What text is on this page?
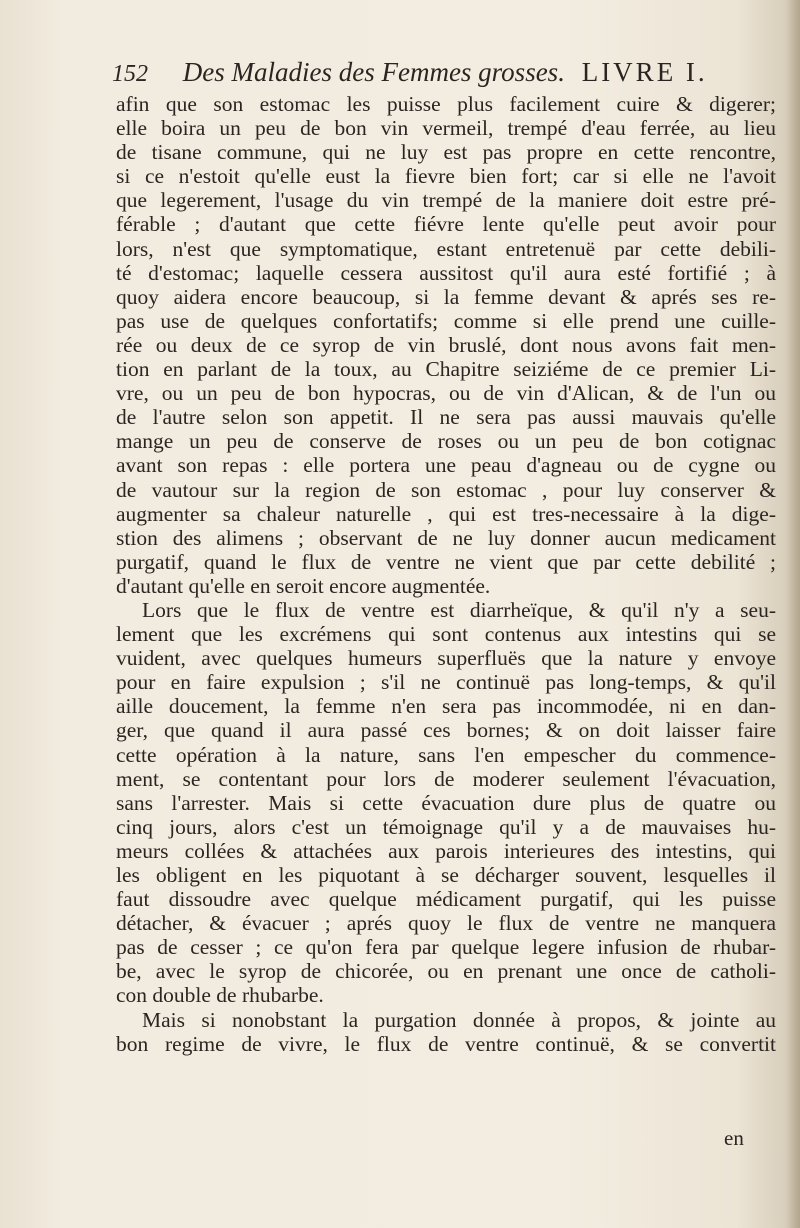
152 Des Maladies des Femmes grosses. LIVRE I.
afin que son estomac les puisse plus facilement cuire & digerer;
elle boira un peu de bon vin vermeil, trempé d'eau ferrée, au lieu
de tisane commune, qui ne luy est pas propre en cette rencontre,
si ce n'estoit qu'elle eust la fievre bien fort; car si elle ne l'avoit
que legerement, l'usage du vin trempé de la maniere doit estre pré-
férable ; d'autant que cette fiévre lente qu'elle peut avoir pour
lors, n'est que symptomatique, estant entretenuë par cette debili-
té d'estomac; laquelle cessera aussitost qu'il aura esté fortifié ; à
quoy aidera encore beaucoup, si la femme devant & aprés ses re-
pas use de quelques confortatifs; comme si elle prend une cuille-
rée ou deux de ce syrop de vin bruslé, dont nous avons fait men-
tion en parlant de la toux, au Chapitre seiziéme de ce premier Li-
vre, ou un peu de bon hypocras, ou de vin d'Alican, & de l'un ou
de l'autre selon son appetit. Il ne sera pas aussi mauvais qu'elle
mange un peu de conserve de roses ou un peu de bon cotignac
avant son repas : elle portera une peau d'agneau ou de cygne ou
de vautour sur la region de son estomac , pour luy conserver &
augmenter sa chaleur naturelle , qui est tres-necessaire à la dige-
stion des alimens ; observant de ne luy donner aucun medicament
purgatif, quand le flux de ventre ne vient que par cette debilité ;
d'autant qu'elle en seroit encore augmentée.
Lors que le flux de ventre est diarrheïque, & qu'il n'y a seu-
lement que les excrémens qui sont contenus aux intestins qui se
vuident, avec quelques humeurs superfluës que la nature y envoye
pour en faire expulsion ; s'il ne continuë pas long-temps, & qu'il
aille doucement, la femme n'en sera pas incommodée, ni en dan-
ger, que quand il aura passé ces bornes; & on doit laisser faire
cette opération à la nature, sans l'en empescher du commence-
ment, se contentant pour lors de moderer seulement l'évacuation,
sans l'arrester. Mais si cette évacuation dure plus de quatre ou
cinq jours, alors c'est un témoignage qu'il y a de mauvaises hu-
meurs collées & attachées aux parois interieures des intestins, qui
les obligent en les piquotant à se décharger souvent, lesquelles il
faut dissoudre avec quelque médicament purgatif, qui les puisse
détacher, & évacuer ; aprés quoy le flux de ventre ne manquera
pas de cesser ; ce qu'on fera par quelque legere infusion de rhubar-
be, avec le syrop de chicorée, ou en prenant une once de catholi-
con double de rhubarbe.
Mais si nonobstant la purgation donnée à propos, & jointe au
bon regime de vivre, le flux de ventre continuë, & se convertit
en
